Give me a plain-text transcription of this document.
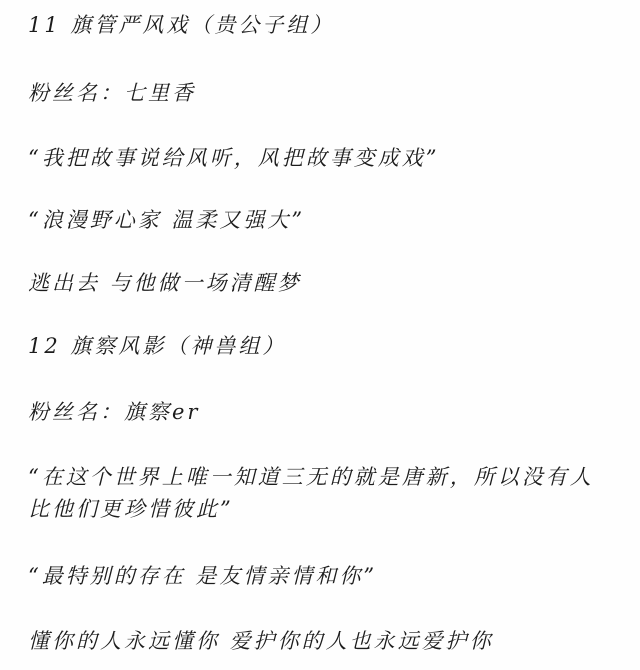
11 旗管严风戏（贵公子组）
粉丝名：七里香
“我把故事说给风听，风把故事变成戏”
“浪漫野心家 温柔又强大”
逃出去 与他做一场清醒梦
12 旗察风影（神兽组）
粉丝名：旗察er
“在这个世界上唯一知道三无的就是唐新，所以没有人
比他们更珍惜彼此”
“最特别的存在 是友情亲情和你”
懂你的人永远懂你 爱护你的人也永远爱护你
